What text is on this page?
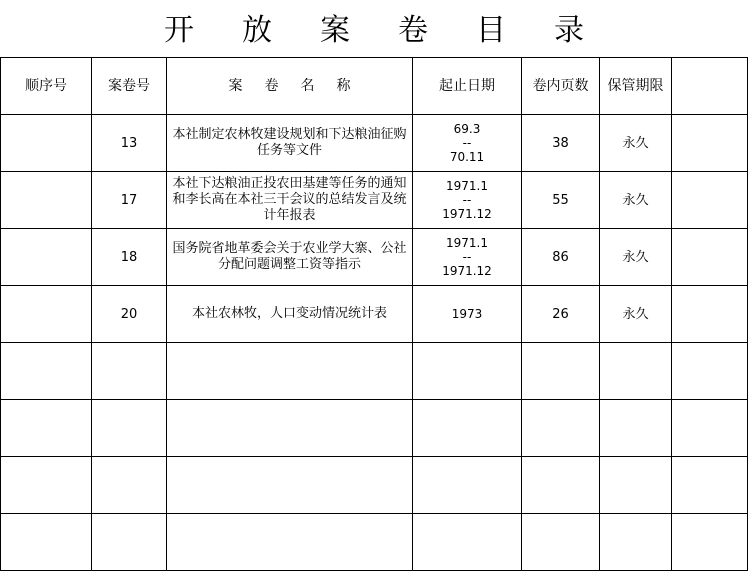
开放案卷目录
顺序号	案卷号	案卷名称	起止日期	卷内页数	保管期限	
	13	本社制定农林牧建设规划和下达粮油征购任务等文件	69.3
--
70.11	38	永久	
	17	本社下达粮油正投农田基建等任务的通知和李长高在本社三干会议的总结发言及统计年报表	1971.1
--
1971.12	55	永久	
	18	国务院省地革委会关于农业学大寨、公社分配问题调整工资等指示	1971.1
--
1971.12	86	永久	
	20	本社农林牧，人口变动情况统计表	1973	26	永久	
